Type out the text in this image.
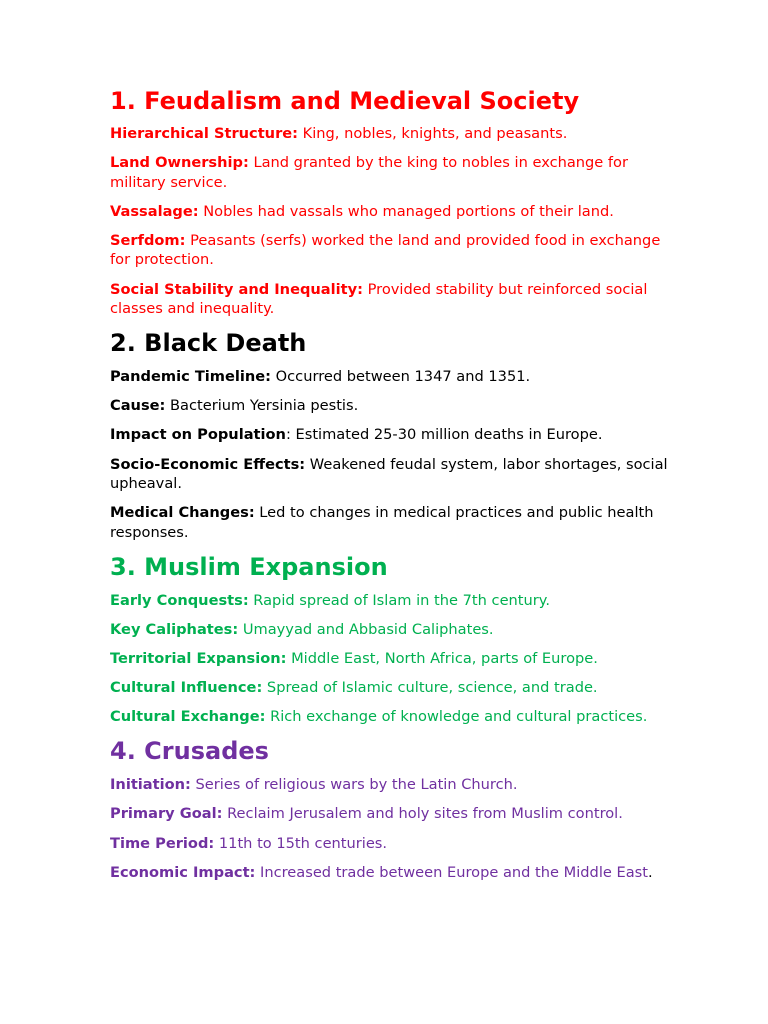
1. Feudalism and Medieval Society

Hierarchical Structure: King, nobles, knights, and peasants.

Land Ownership: Land granted by the king to nobles in exchange for military service.

Vassalage: Nobles had vassals who managed portions of their land.

Serfdom: Peasants (serfs) worked the land and provided food in exchange for protection.

Social Stability and Inequality: Provided stability but reinforced social classes and inequality.

2. Black Death

Pandemic Timeline: Occurred between 1347 and 1351.

Cause: Bacterium Yersinia pestis.

Impact on Population: Estimated 25-30 million deaths in Europe.

Socio-Economic Effects: Weakened feudal system, labor shortages, social upheaval.

Medical Changes: Led to changes in medical practices and public health responses.

3. Muslim Expansion

Early Conquests: Rapid spread of Islam in the 7th century.

Key Caliphates: Umayyad and Abbasid Caliphates.

Territorial Expansion: Middle East, North Africa, parts of Europe.

Cultural Influence: Spread of Islamic culture, science, and trade.

Cultural Exchange: Rich exchange of knowledge and cultural practices.

4. Crusades

Initiation: Series of religious wars by the Latin Church.

Primary Goal: Reclaim Jerusalem and holy sites from Muslim control.

Time Period: 11th to 15th centuries.

Economic Impact: Increased trade between Europe and the Middle East.
